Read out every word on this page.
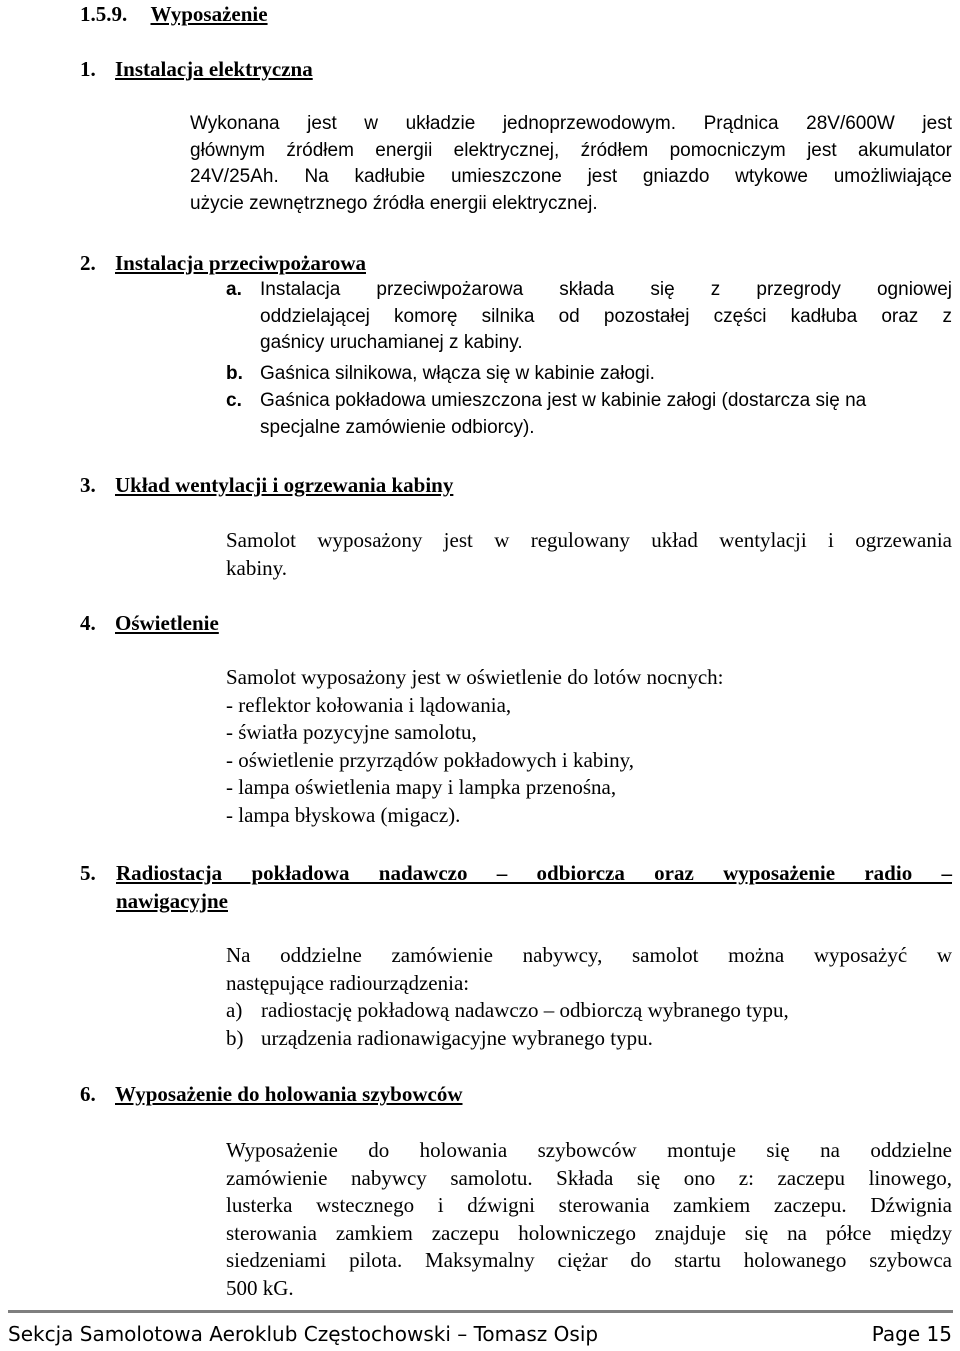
1.5.9. Wyposażenie
1. Instalacja elektryczna
Wykonana jest w układzie jednoprzewodowym. Prądnica 28V/600W jest
głównym źródłem energii elektrycznej, źródłem pomocniczym jest akumulator
24V/25Ah. Na kadłubie umieszczone jest gniazdo wtykowe umożliwiające
użycie zewnętrznego źródła energii elektrycznej.
2. Instalacja przeciwpożarowa
a. Instalacja przeciwpożarowa składa się z przegrody ogniowej
oddzielającej komorę silnika od pozostałej części kadłuba oraz z
gaśnicy uruchamianej z kabiny.
b. Gaśnica silnikowa, włącza się w kabinie załogi.
c. Gaśnica pokładowa umieszczona jest w kabinie załogi (dostarcza się na
specjalne zamówienie odbiorcy).
3. Układ wentylacji i ogrzewania kabiny
Samolot wyposażony jest w regulowany układ wentylacji i ogrzewania
kabiny.
4. Oświetlenie
Samolot wyposażony jest w oświetlenie do lotów nocnych:
- reflektor kołowania i lądowania,
- światła pozycyjne samolotu,
- oświetlenie przyrządów pokładowych i kabiny,
- lampa oświetlenia mapy i lampka przenośna,
- lampa błyskowa (migacz).
5. Radiostacja pokładowa nadawczo – odbiorcza oraz wyposażenie radio –
nawigacyjne
Na oddzielne zamówienie nabywcy, samolot można wyposażyć w
następujące radiourządzenia:
a) radiostację pokładową nadawczo – odbiorczą wybranego typu,
b) urządzenia radionawigacyjne wybranego typu.
6. Wyposażenie do holowania szybowców
Wyposażenie do holowania szybowców montuje się na oddzielne
zamówienie nabywcy samolotu. Składa się ono z: zaczepu linowego,
lusterka wstecznego i dźwigni sterowania zamkiem zaczepu. Dźwignia
sterowania zamkiem zaczepu holowniczego znajduje się na półce między
siedzeniami pilota. Maksymalny ciężar do startu holowanego szybowca
500 kG.
Sekcja Samolotowa Aeroklub Częstochowski – Tomasz Osip	Page 15
